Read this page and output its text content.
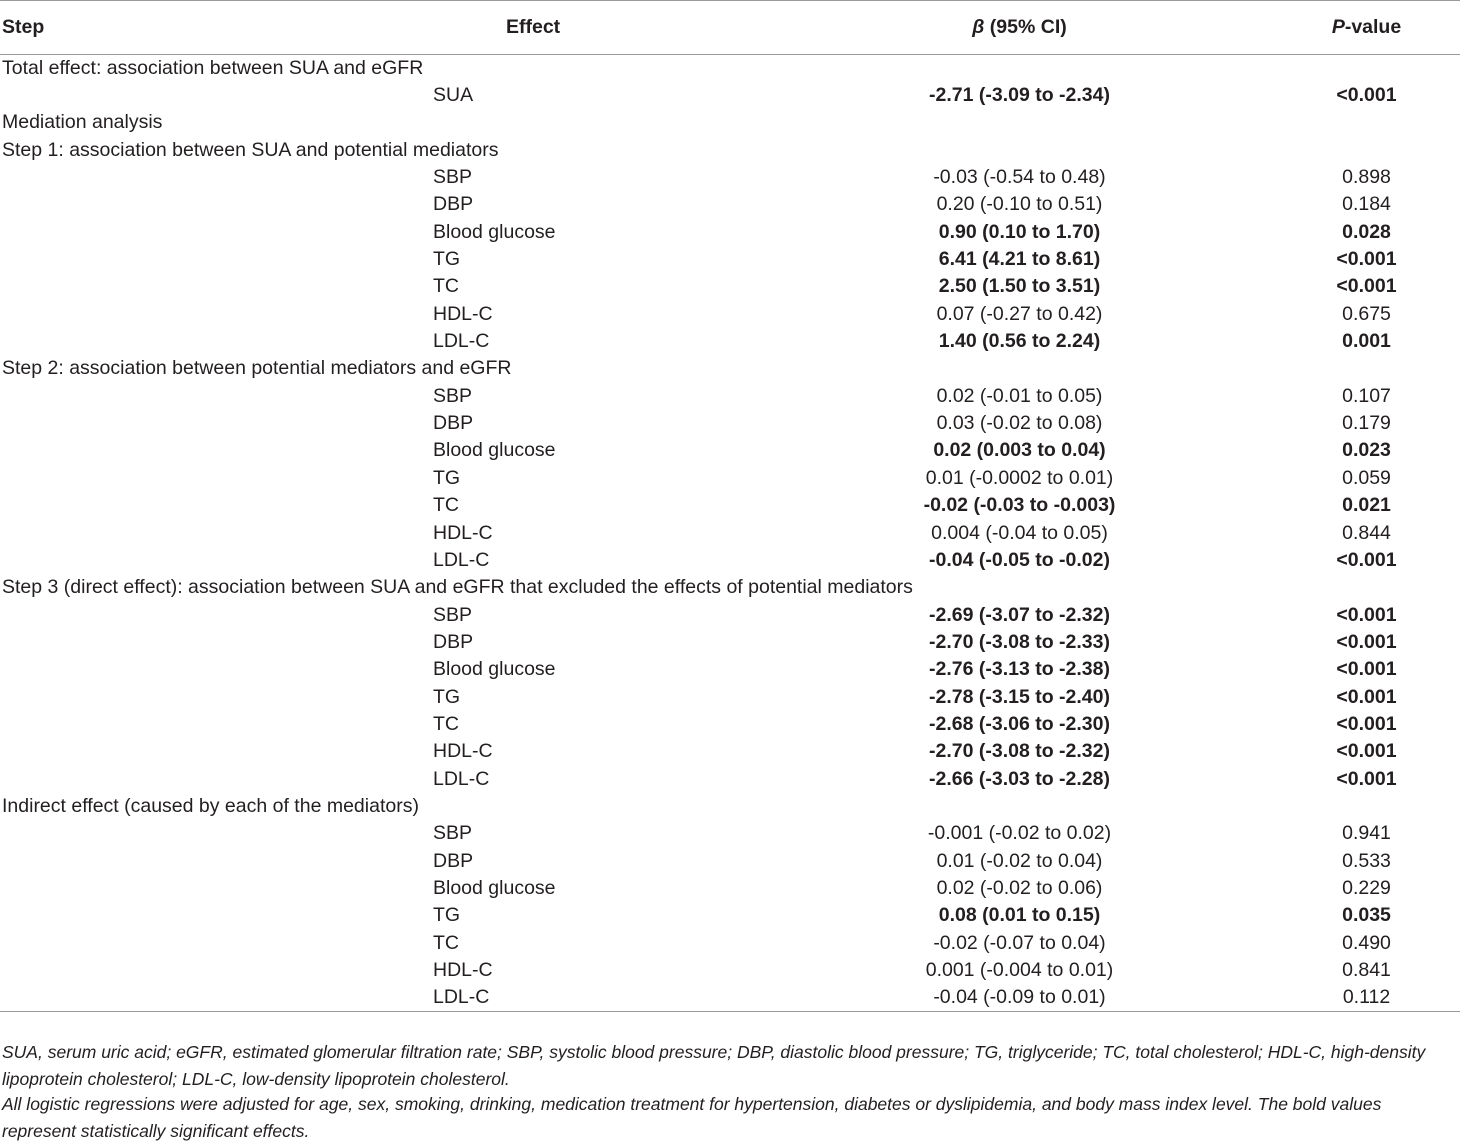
Step	Effect	β (95% CI)	P-value
Total effect: association between SUA and eGFR			
	SUA	-2.71 (-3.09 to -2.34)	<0.001
Mediation analysis			
Step 1: association between SUA and potential mediators			
	SBP	-0.03 (-0.54 to 0.48)	0.898
	DBP	0.20 (-0.10 to 0.51)	0.184
	Blood glucose	0.90 (0.10 to 1.70)	0.028
	TG	6.41 (4.21 to 8.61)	<0.001
	TC	2.50 (1.50 to 3.51)	<0.001
	HDL-C	0.07 (-0.27 to 0.42)	0.675
	LDL-C	1.40 (0.56 to 2.24)	0.001
Step 2: association between potential mediators and eGFR			
	SBP	0.02 (-0.01 to 0.05)	0.107
	DBP	0.03 (-0.02 to 0.08)	0.179
	Blood glucose	0.02 (0.003 to 0.04)	0.023
	TG	0.01 (-0.0002 to 0.01)	0.059
	TC	-0.02 (-0.03 to -0.003)	0.021
	HDL-C	0.004 (-0.04 to 0.05)	0.844
	LDL-C	-0.04 (-0.05 to -0.02)	<0.001
Step 3 (direct effect): association between SUA and eGFR that excluded the effects of potential mediators			
	SBP	-2.69 (-3.07 to -2.32)	<0.001
	DBP	-2.70 (-3.08 to -2.33)	<0.001
	Blood glucose	-2.76 (-3.13 to -2.38)	<0.001
	TG	-2.78 (-3.15 to -2.40)	<0.001
	TC	-2.68 (-3.06 to -2.30)	<0.001
	HDL-C	-2.70 (-3.08 to -2.32)	<0.001
	LDL-C	-2.66 (-3.03 to -2.28)	<0.001
Indirect effect (caused by each of the mediators)			
	SBP	-0.001 (-0.02 to 0.02)	0.941
	DBP	0.01 (-0.02 to 0.04)	0.533
	Blood glucose	0.02 (-0.02 to 0.06)	0.229
	TG	0.08 (0.01 to 0.15)	0.035
	TC	-0.02 (-0.07 to 0.04)	0.490
	HDL-C	0.001 (-0.004 to 0.01)	0.841
	LDL-C	-0.04 (-0.09 to 0.01)	0.112
SUA, serum uric acid; eGFR, estimated glomerular filtration rate; SBP, systolic blood pressure; DBP, diastolic blood pressure; TG, triglyceride; TC, total cholesterol; HDL-C, high-density lipoprotein cholesterol; LDL-C, low-density lipoprotein cholesterol.
All logistic regressions were adjusted for age, sex, smoking, drinking, medication treatment for hypertension, diabetes or dyslipidemia, and body mass index level. The bold values represent statistically significant effects.
